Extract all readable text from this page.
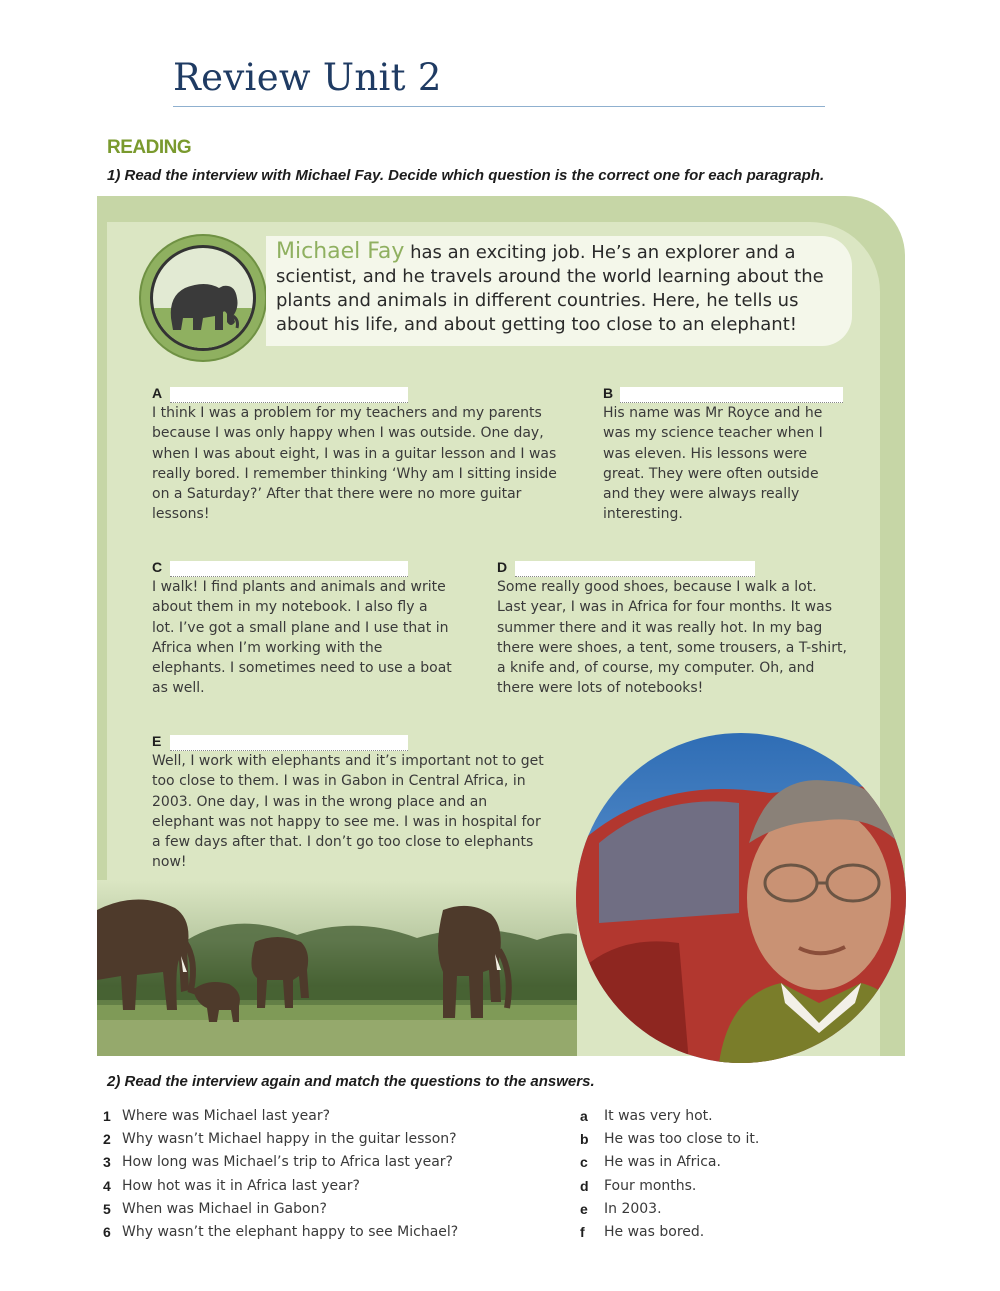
Review Unit 2
READING
1) Read the interview with Michael Fay. Decide which question is the correct one for each paragraph.
Michael Fay has an exciting job. He’s an explorer and a scientist, and he travels around the world learning about the plants and animals in different countries. Here, he tells us about his life, and about getting too close to an elephant!
A
I think I was a problem for my teachers and my parents because I was only happy when I was outside. One day, when I was about eight, I was in a guitar lesson and I was really bored. I remember thinking ‘Why am I sitting inside on a Saturday?’ After that there were no more guitar lessons!
B
His name was Mr Royce and he was my science teacher when I was eleven. His lessons were great. They were often outside and they were always really interesting.
C
I walk! I find plants and animals and write about them in my notebook. I also fly a lot. I’ve got a small plane and I use that in Africa when I’m working with the elephants. I sometimes need to use a boat as well.
D
Some really good shoes, because I walk a lot. Last year, I was in Africa for four months. It was summer there and it was really hot. In my bag there were shoes, a tent, some trousers, a T-shirt, a knife and, of course, my computer. Oh, and there were lots of notebooks!
E
Well, I work with elephants and it’s important not to get too close to them. I was in Gabon in Central Africa, in 2003. One day, I was in the wrong place and an elephant was not happy to see me. I was in hospital for a few days after that. I don’t go too close to elephants now!
2) Read the interview again and match the questions to the answers.
1 Where was Michael last year?
2 Why wasn’t Michael happy in the guitar lesson?
3 How long was Michael’s trip to Africa last year?
4 How hot was it in Africa last year?
5 When was Michael in Gabon?
6 Why wasn’t the elephant happy to see Michael?
a	It was very hot.
b	He was too close to it.
c	He was in Africa.
d	Four months.
e	In 2003.
f	He was bored.
